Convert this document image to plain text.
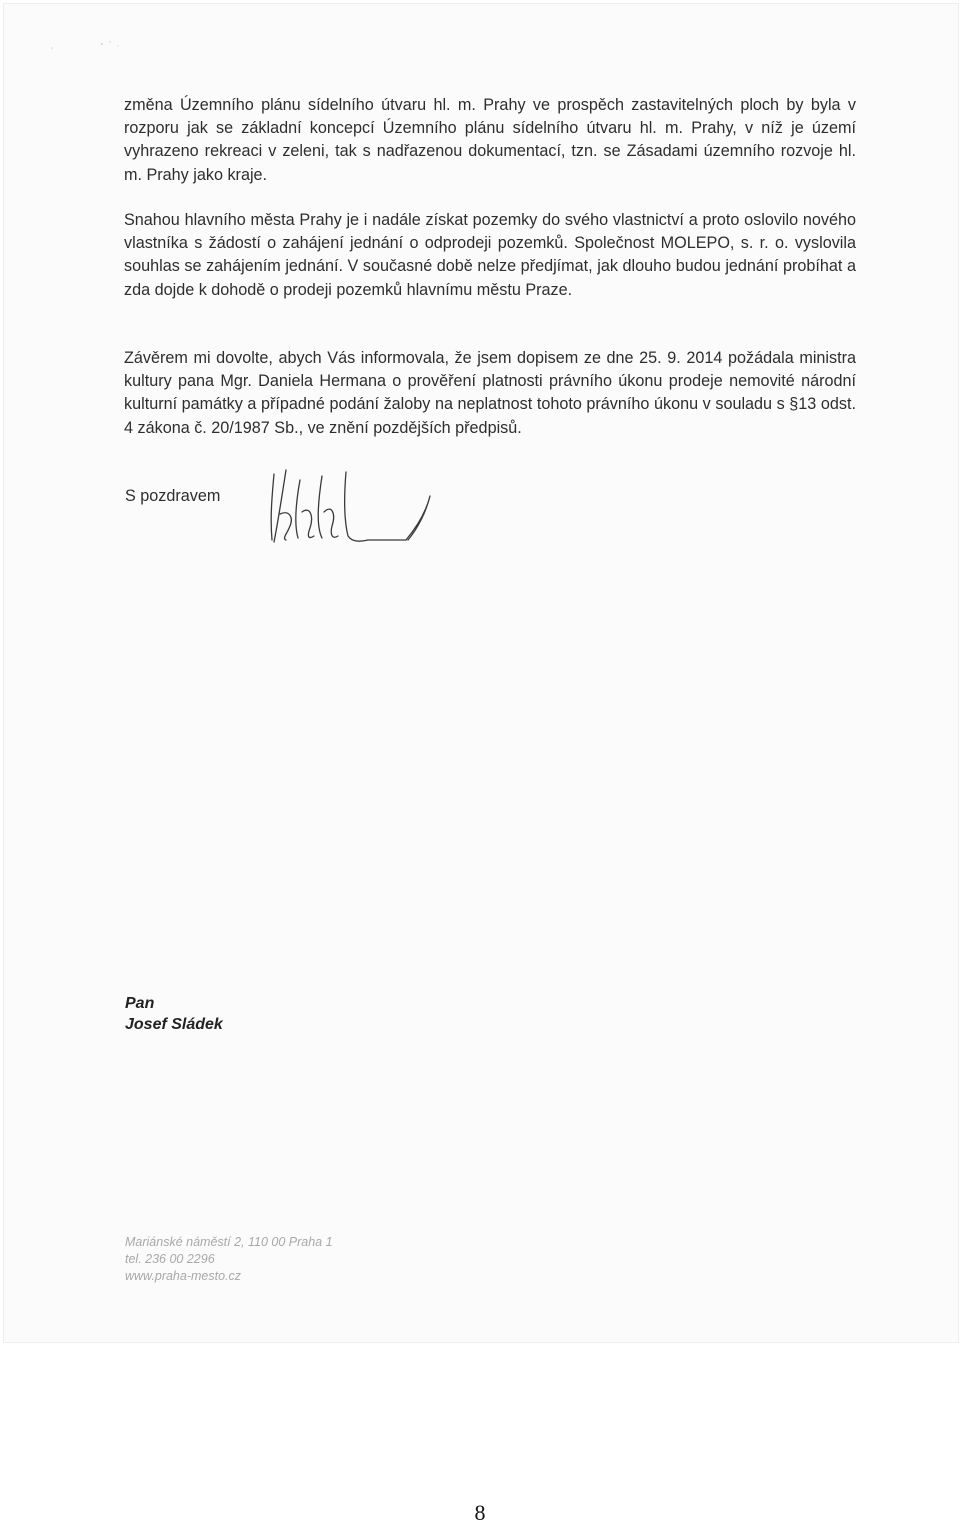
změna Územního plánu sídelního útvaru hl. m. Prahy ve prospěch zastavitelných ploch by byla v rozporu jak se základní koncepcí Územního plánu sídelního útvaru hl. m. Prahy, v níž je území vyhrazeno rekreaci v zeleni, tak s nadřazenou dokumentací, tzn. se Zásadami územního rozvoje hl. m. Prahy jako kraje.

Snahou hlavního města Prahy je i nadále získat pozemky do svého vlastnictví a proto oslovilo nového vlastníka s žádostí o zahájení jednání o odprodeji pozemků. Společnost MOLEPO, s. r. o. vyslovila souhlas se zahájením jednání. V současné době nelze předjímat, jak dlouho budou jednání probíhat a zda dojde k dohodě o prodeji pozemků hlavnímu městu Praze.

Závěrem mi dovolte, abych Vás informovala, že jsem dopisem ze dne 25. 9. 2014 požádala ministra kultury pana Mgr. Daniela Hermana o prověření platnosti právního úkonu prodeje nemovité národní kulturní památky a případné podání žaloby na neplatnost tohoto právního úkonu v souladu s §13 odst. 4 zákona č. 20/1987 Sb., ve znění pozdějších předpisů.

S pozdravem
Pan
Josef Sládek
Mariánské náměstí 2, 110 00 Praha 1
tel. 236 00 2296
www.praha-mesto.cz
8
